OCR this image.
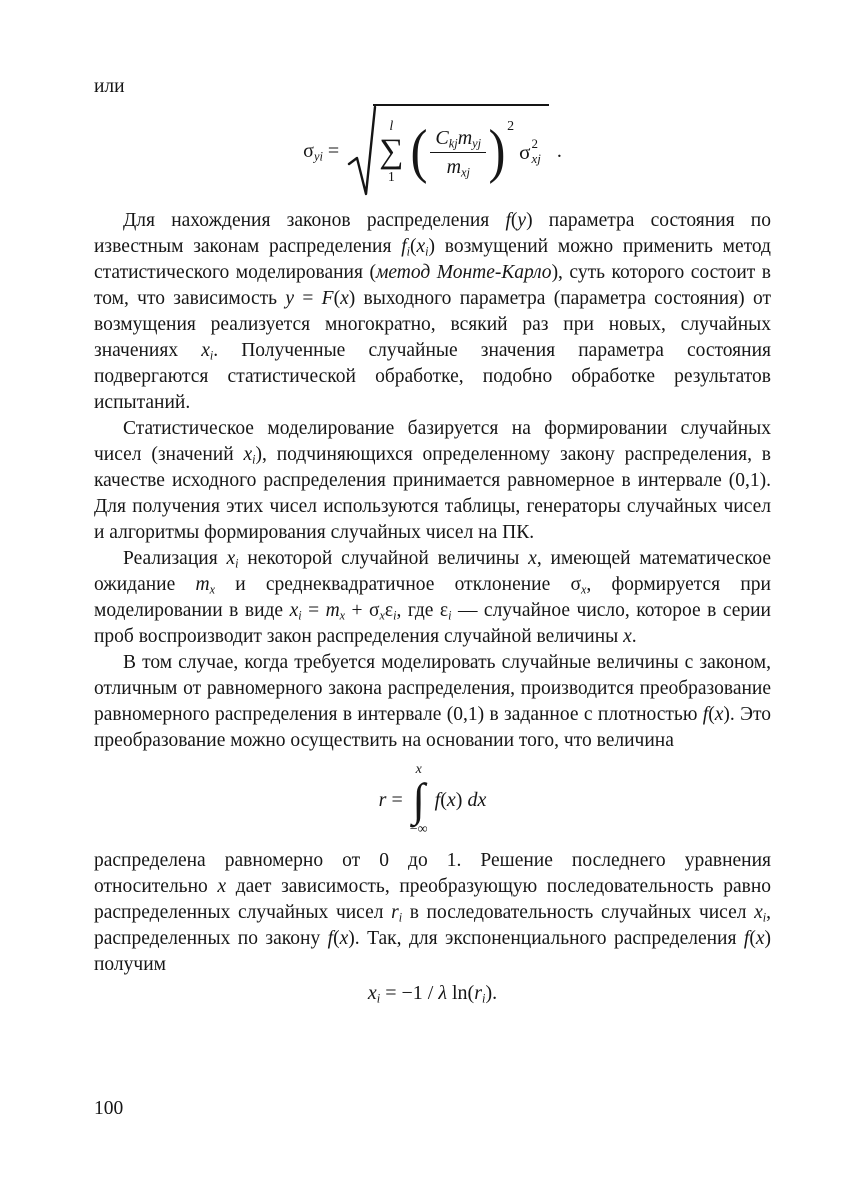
или
$\sigma_{yi}$ =
l
∑
1 ( $\frac{C_{kj}m_{yj}}{m_{xj}}$ ) 2
σ 2
xj .

Для нахождения законов распределения f(y) параметра состояния по известным законам распределения $f_i(x_i)$ возмущений можно применить метод статистического моделирования (метод Монте-Карло), суть которого состоит в том, что зависимость y = F(x) выходного параметра (параметра состояния) от возмущения реализуется многократно, всякий раз при новых, случайных значениях $x_i$. Полученные случайные значения параметра состояния подвергаются статистической обработке, подобно обработке результатов испытаний.

Статистическое моделирование базируется на формировании случайных чисел (значений $x_i$), подчиняющихся определенному закону распределения, в качестве исходного распределения принимается равномерное в интервале (0,1). Для получения этих чисел используются таблицы, генераторы случайных чисел и алгоритмы формирования случайных чисел на ПК.

Реализация $x_i$ некоторой случайной величины x, имеющей математическое ожидание $m_x$ и среднеквадратичное отклонение $\sigma_x$, формируется при моделировании в виде $x_i = m_x + \sigma_x\varepsilon_i$, где $\varepsilon_i$ — случайное число, которое в серии проб воспроизводит закон распределения случайной величины x.

В том случае, когда требуется моделировать случайные величины с законом, отличным от равномерного закона распределения, производится преобразование равномерного распределения в интервале (0,1) в заданное с плотностью f(x). Это преобразование можно осуществить на основании того, что величина

r =
x
∫
−∞
f(x) dx

распределена равномерно от 0 до 1. Решение последнего уравнения относительно x дает зависимость, преобразующую последовательность равно распределенных случайных чисел $r_i$ в последовательность случайных чисел $x_i$, распределенных по закону f(x). Так, для экспоненциального распределения f(x) получим

$x_i = -1 / \lambda$ $\ln(r_i)$.
100
